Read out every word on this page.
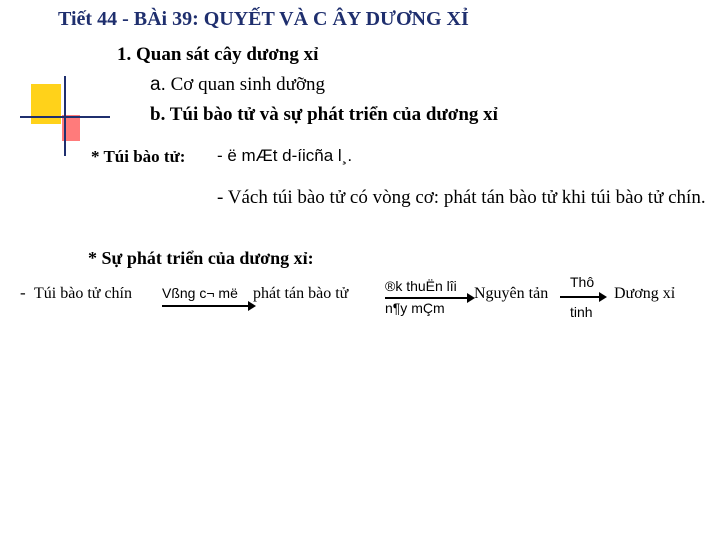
Tiết 44 - BÀi 39: QUYẾT VÀ C ÂY DƯƠNG XỈ
1. Quan sát cây dương xỉ
a. Cơ quan sinh dưỡng
b. Túi bào tử và sự phát triển của dương xỉ
* Túi bào tử: - ë mÆt d-íicña l¸.
- Vách túi bào tử có vòng cơ: phát tán bào tử khi túi bào tử chín.
* Sự phát triển của dương xỉ:
- Túi bào tử chín Vßng c¬ më phát tán bào tử	®k thuËn lîi
n¶y mÇm
Nguyên tản
Thô
tinh
Dương xỉ
